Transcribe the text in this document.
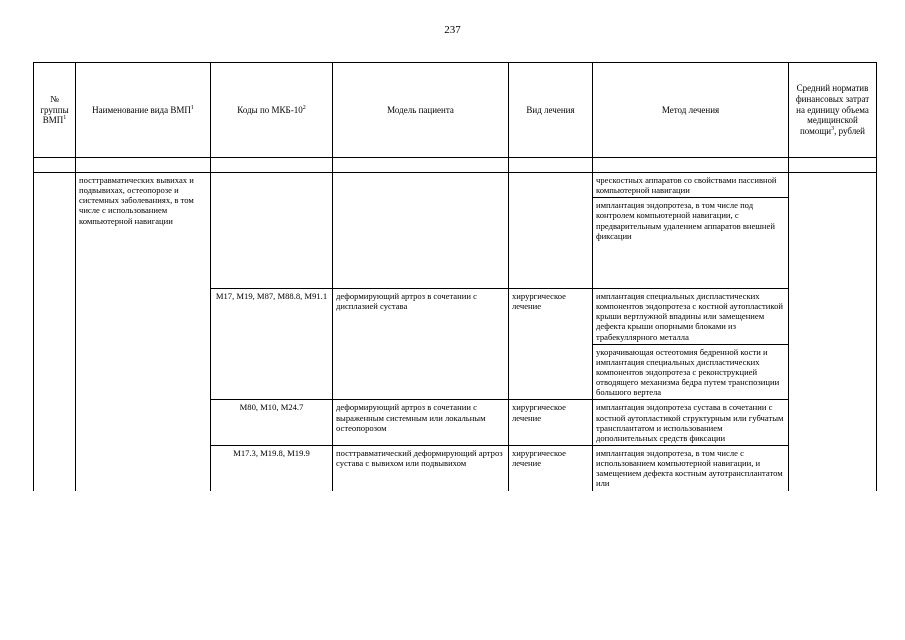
237
№ группы ВМП$^1$	Наименование вида ВМП$^1$	Коды по МКБ-$10^2$	Модель пациента	Вид лечения	Метод лечения	Средний норматив финансовых затрат на единицу объема медицинской помощи$^3$, рублей

	посттравматических вывихах и подвывихах, остеопорозе и системных заболеваниях, в том числе с использованием компьютерной навигации				чрескостных аппаратов со свойствами пассивной компьютерной навигации
имплантация эндопротеза, в том числе под контролем компьютерной навигации, с предварительным удалением аппаратов внешней фиксации	

		M17, M19, M87, M88.8, M91.1	деформирующий артроз в сочетании с дисплазией сустава	хирургическое лечение	имплантация специальных диспластических компонентов эндопротеза с костной аутопластикой крыши вертлужной впадины или замещением дефекта крыши опорными блоками из трабекуллярного металла
укорачивающая остеотомия бедренной кости и имплантация специальных диспластических компонентов эндопротеза с реконструкцией отводящего механизма бедра путем транспозиции большого вертела	

		M80, M10, M24.7	деформирующий артроз в сочетании с выраженным системным или локальным остеопорозом	хирургическое лечение	имплантация эндопротеза сустава в сочетании с костной аутопластикой структурным или губчатым трансплантатом и использованием дополнительных средств фиксации	

		M17.3, M19.8, M19.9	посттравматический деформирующий артроз сустава с вывихом или подвывихом	хирургическое лечение	имплантация эндопротеза, в том числе с использованием компьютерной навигации, и замещением дефекта костным аутотрансплантатом или	
